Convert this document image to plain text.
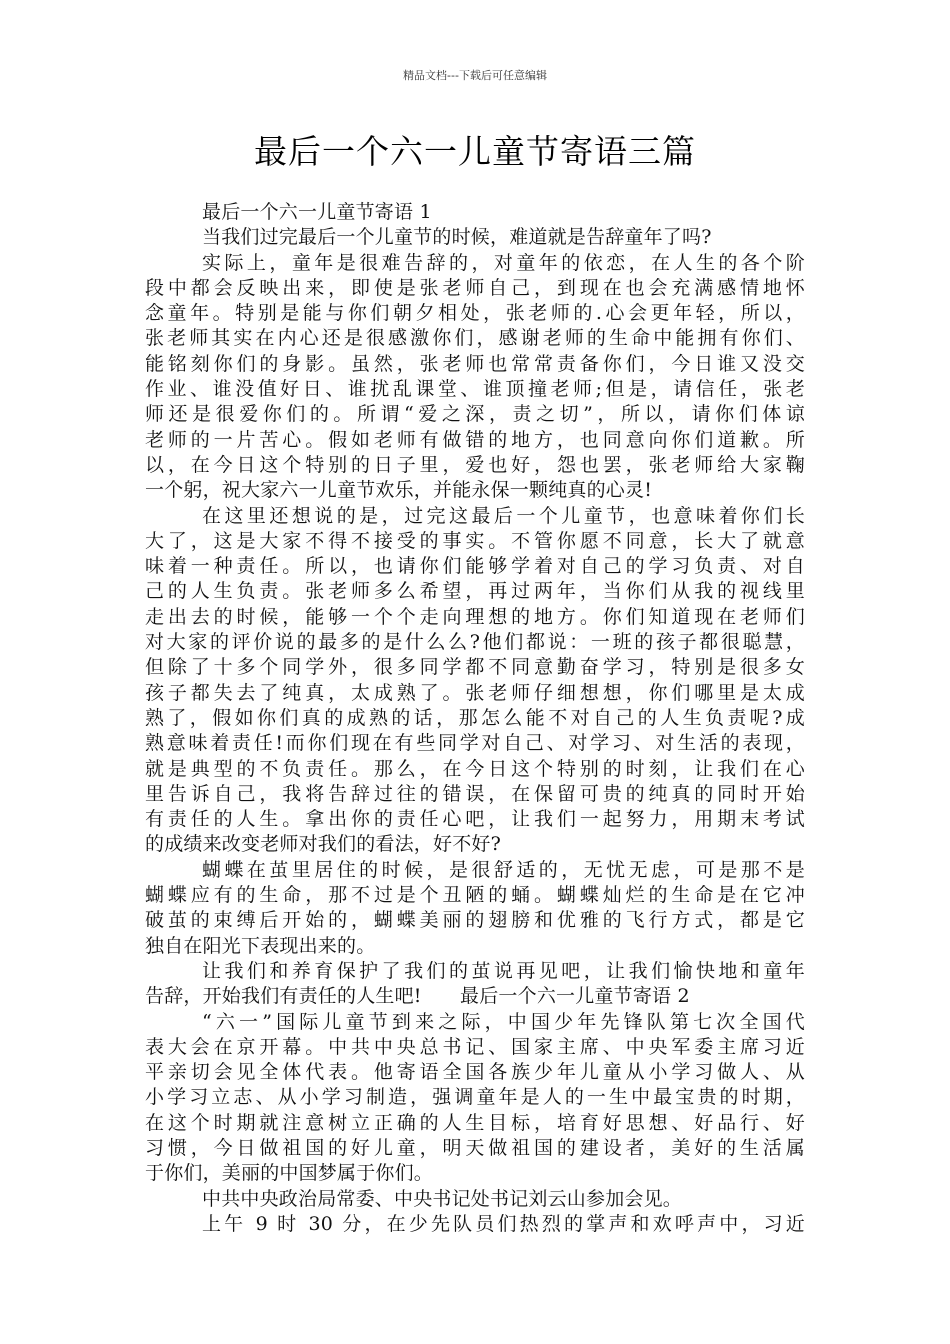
精品文档---下载后可任意编辑
最后一个六一儿童节寄语三篇
最后一个六一儿童节寄语 1
当我们过完最后一个儿童节的时候，难道就是告辞童年了吗?
实际上，童年是很难告辞的，对童年的依恋，在人生的各个阶
段中都会反映出来，即使是张老师自己，到现在也会充满感情地怀
念童年。特别是能与你们朝夕相处，张老师的.心会更年轻，所以，
张老师其实在内心还是很感激你们，感谢老师的生命中能拥有你们、
能铭刻你们的身影。虽然，张老师也常常责备你们，今日谁又没交
作业、谁没值好日、谁扰乱课堂、谁顶撞老师;但是，请信任，张老
师还是很爱你们的。所谓“爱之深，责之切”，所以，请你们体谅
老师的一片苦心。假如老师有做错的地方，也同意向你们道歉。所
以，在今日这个特别的日子里，爱也好，怨也罢，张老师给大家鞠
一个躬，祝大家六一儿童节欢乐，并能永保一颗纯真的心灵!
在这里还想说的是，过完这最后一个儿童节，也意味着你们长
大了，这是大家不得不接受的事实。不管你愿不同意，长大了就意
味着一种责任。所以，也请你们能够学着对自己的学习负责、对自
己的人生负责。张老师多么希望，再过两年，当你们从我的视线里
走出去的时候，能够一个个走向理想的地方。你们知道现在老师们
对大家的评价说的最多的是什么么?他们都说：一班的孩子都很聪慧，
但除了十多个同学外，很多同学都不同意勤奋学习，特别是很多女
孩子都失去了纯真，太成熟了。张老师仔细想想，你们哪里是太成
熟了，假如你们真的成熟的话，那怎么能不对自己的人生负责呢?成
熟意味着责任!而你们现在有些同学对自己、对学习、对生活的表现，
就是典型的不负责任。那么，在今日这个特别的时刻，让我们在心
里告诉自己，我将告辞过往的错误，在保留可贵的纯真的同时开始
有责任的人生。拿出你的责任心吧，让我们一起努力，用期末考试
的成绩来改变老师对我们的看法，好不好?
蝴蝶在茧里居住的时候，是很舒适的，无忧无虑，可是那不是
蝴蝶应有的生命，那不过是个丑陋的蛹。蝴蝶灿烂的生命是在它冲
破茧的束缚后开始的，蝴蝶美丽的翅膀和优雅的飞行方式，都是它
独自在阳光下表现出来的。
让我们和养育保护了我们的茧说再见吧，让我们愉快地和童年
告辞，开始我们有责任的人生吧!　　最后一个六一儿童节寄语 2
“六一”国际儿童节到来之际，中国少年先锋队第七次全国代
表大会在京开幕。中共中央总书记、国家主席、中央军委主席习近
平亲切会见全体代表。他寄语全国各族少年儿童从小学习做人、从
小学习立志、从小学习制造，强调童年是人的一生中最宝贵的时期，
在这个时期就注意树立正确的人生目标，培育好思想、好品行、好
习惯，今日做祖国的好儿童，明天做祖国的建设者，美好的生活属
于你们，美丽的中国梦属于你们。
中共中央政治局常委、中央书记处书记刘云山参加会见。
上午 9 时 30 分，在少先队员们热烈的掌声和欢呼声中，习近
